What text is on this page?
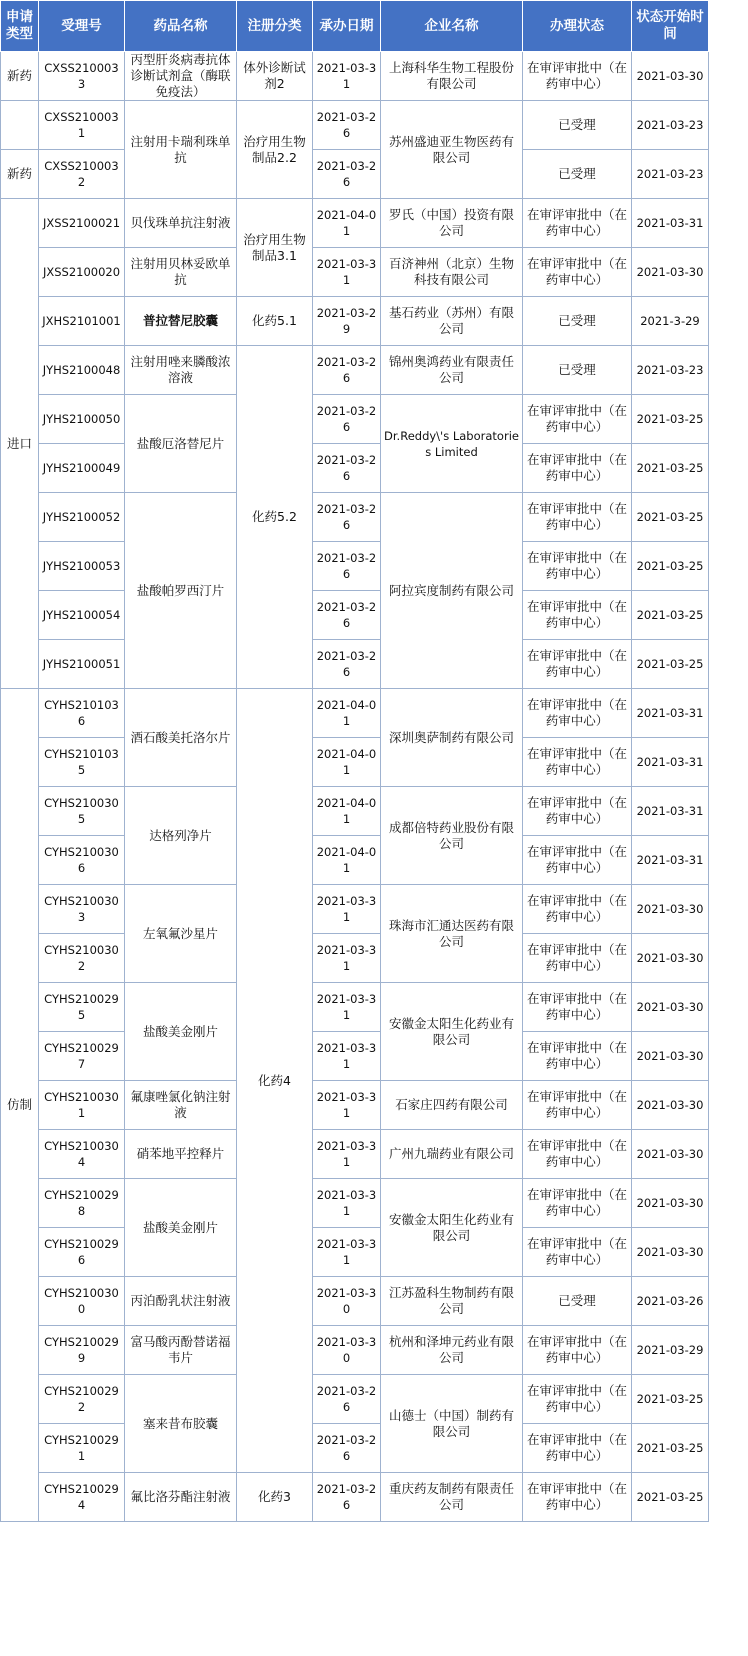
申请类型	受理号	药品名称	注册分类	承办日期	企业名称	办理状态	状态开始时间
新药	CXSS2100033	丙型肝炎病毒抗体诊断试剂盒（酶联免疫法）	体外诊断试剂2	2021-03-31	上海科华生物工程股份有限公司	在审评审批中（在药审中心）	2021-03-30
	CXSS2100031	注射用卡瑞利珠单抗	治疗用生物制品2.2	2021-03-26	苏州盛迪亚生物医药有限公司	已受理	2021-03-23
新药	CXSS2100032			2021-03-26		已受理	2021-03-23
进口	JXSS2100021	贝伐珠单抗注射液	治疗用生物制品3.1	2021-04-01	罗氏（中国）投资有限公司	在审评审批中（在药审中心）	2021-03-31
	JXSS2100020	注射用贝林妥欧单抗		2021-03-31	百济神州（北京）生物科技有限公司	在审评审批中（在药审中心）	2021-03-30
	JXHS2101001	普拉替尼胶囊	化药5.1	2021-03-29	基石药业（苏州）有限公司	已受理	2021-3-29
	JYHS2100048	注射用唑来膦酸浓溶液	化药5.2	2021-03-26	锦州奥鸿药业有限责任公司	已受理	2021-03-23
	JYHS2100050	盐酸厄洛替尼片		2021-03-26	Dr.Reddy\'s Laboratories Limited	在审评审批中（在药审中心）	2021-03-25
	JYHS2100049			2021-03-26		在审评审批中（在药审中心）	2021-03-25
	JYHS2100052	盐酸帕罗西汀片		2021-03-26	阿拉宾度制药有限公司	在审评审批中（在药审中心）	2021-03-25
	JYHS2100053			2021-03-26		在审评审批中（在药审中心）	2021-03-25
	JYHS2100054			2021-03-26		在审评审批中（在药审中心）	2021-03-25
	JYHS2100051			2021-03-26		在审评审批中（在药审中心）	2021-03-25
仿制	CYHS2101036	酒石酸美托洛尔片	化药4	2021-04-01	深圳奥萨制药有限公司	在审评审批中（在药审中心）	2021-03-31
	CYHS2101035			2021-04-01		在审评审批中（在药审中心）	2021-03-31
	CYHS2100305	达格列净片		2021-04-01	成都倍特药业股份有限公司	在审评审批中（在药审中心）	2021-03-31
	CYHS2100306			2021-04-01		在审评审批中（在药审中心）	2021-03-31
	CYHS2100303	左氧氟沙星片		2021-03-31	珠海市汇通达医药有限公司	在审评审批中（在药审中心）	2021-03-30
	CYHS2100302			2021-03-31		在审评审批中（在药审中心）	2021-03-30
	CYHS2100295	盐酸美金刚片		2021-03-31	安徽金太阳生化药业有限公司	在审评审批中（在药审中心）	2021-03-30
	CYHS2100297			2021-03-31		在审评审批中（在药审中心）	2021-03-30
	CYHS2100301	氟康唑氯化钠注射液		2021-03-31	石家庄四药有限公司	在审评审批中（在药审中心）	2021-03-30
	CYHS2100304	硝苯地平控释片		2021-03-31	广州九瑞药业有限公司	在审评审批中（在药审中心）	2021-03-30
	CYHS2100298	盐酸美金刚片		2021-03-31	安徽金太阳生化药业有限公司	在审评审批中（在药审中心）	2021-03-30
	CYHS2100296			2021-03-31		在审评审批中（在药审中心）	2021-03-30
	CYHS2100300	丙泊酚乳状注射液		2021-03-30	江苏盈科生物制药有限公司	已受理	2021-03-26
	CYHS2100299	富马酸丙酚替诺福韦片		2021-03-30	杭州和泽坤元药业有限公司	在审评审批中（在药审中心）	2021-03-29
	CYHS2100292	塞来昔布胶囊		2021-03-26	山德士（中国）制药有限公司	在审评审批中（在药审中心）	2021-03-25
	CYHS2100291			2021-03-26		在审评审批中（在药审中心）	2021-03-25
	CYHS2100294	氟比洛芬酯注射液	化药3	2021-03-26	重庆药友制药有限责任公司	在审评审批中（在药审中心）	2021-03-25
